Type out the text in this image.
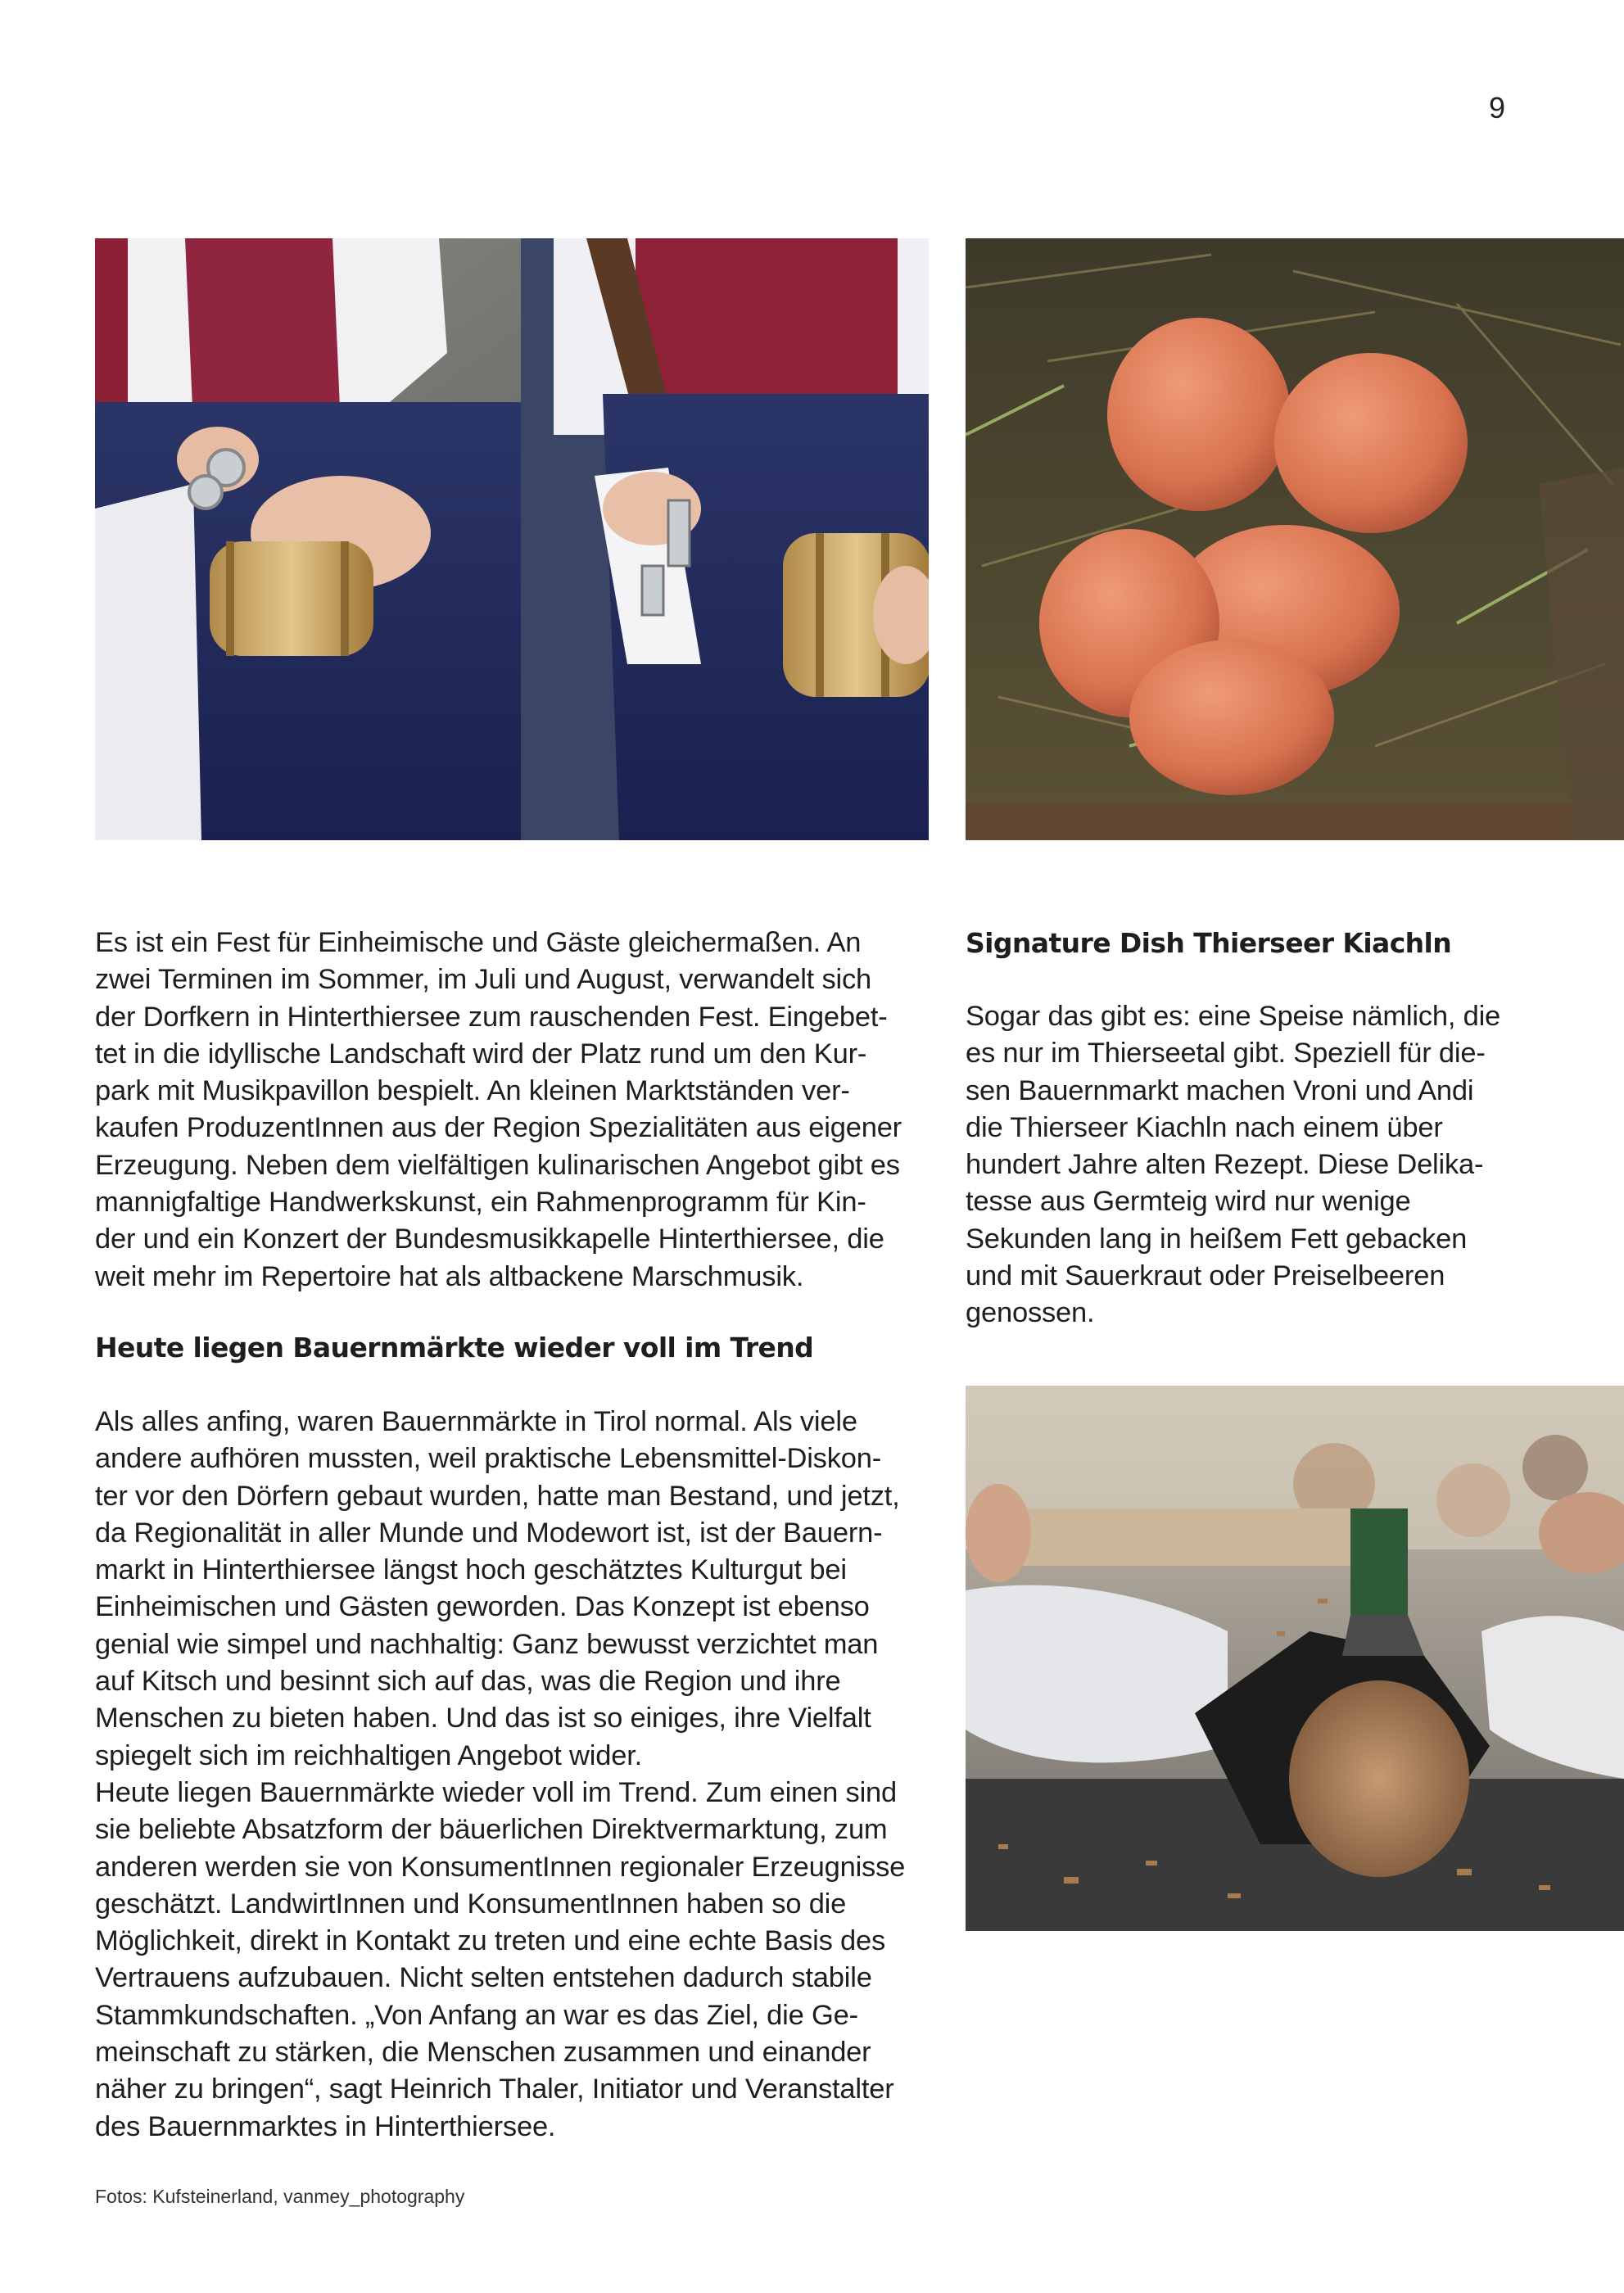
9
Es ist ein Fest für Einheimische und Gäste gleichermaßen. An
zwei Terminen im Sommer, im Juli und August, verwandelt sich
der Dorfkern in Hinterthiersee zum rauschenden Fest. Eingebet-
tet in die idyllische Landschaft wird der Platz rund um den Kur-
park mit Musikpavillon bespielt. An kleinen Marktständen ver-
kaufen ProduzentInnen aus der Region Spezialitäten aus eigener
Erzeugung. Neben dem vielfältigen kulinarischen Angebot gibt es
mannigfaltige Handwerkskunst, ein Rahmenprogramm für Kin-
der und ein Konzert der Bundesmusikkapelle Hinterthiersee, die
weit mehr im Repertoire hat als altbackene Marschmusik.
Heute liegen Bauernmärkte wieder voll im Trend
Als alles anfing, waren Bauernmärkte in Tirol normal. Als viele
andere aufhören mussten, weil praktische Lebensmittel-Diskon-
ter vor den Dörfern gebaut wurden, hatte man Bestand, und jetzt,
da Regionalität in aller Munde und Modewort ist, ist der Bauern-
markt in Hinterthiersee längst hoch geschätztes Kulturgut bei
Einheimischen und Gästen geworden. Das Konzept ist ebenso
genial wie simpel und nachhaltig: Ganz bewusst verzichtet man
auf Kitsch und besinnt sich auf das, was die Region und ihre
Menschen zu bieten haben. Und das ist so einiges, ihre Vielfalt
spiegelt sich im reichhaltigen Angebot wider.
Heute liegen Bauernmärkte wieder voll im Trend. Zum einen sind
sie beliebte Absatzform der bäuerlichen Direktvermarktung, zum
anderen werden sie von KonsumentInnen regionaler Erzeugnisse
geschätzt. LandwirtInnen und KonsumentInnen haben so die
Möglichkeit, direkt in Kontakt zu treten und eine echte Basis des
Vertrauens aufzubauen. Nicht selten entstehen dadurch stabile
Stammkundschaften. „Von Anfang an war es das Ziel, die Ge-
meinschaft zu stärken, die Menschen zusammen und einander
näher zu bringen“, sagt Heinrich Thaler, Initiator und Veranstalter
des Bauernmarktes in Hinterthiersee.
Signature Dish Thierseer Kiachln
Sogar das gibt es: eine Speise nämlich, die
es nur im Thierseetal gibt. Speziell für die-
sen Bauernmarkt machen Vroni und Andi
die Thierseer Kiachln nach einem über
hundert Jahre alten Rezept. Diese Delika-
tesse aus Germteig wird nur wenige
Sekunden lang in heißem Fett gebacken
und mit Sauerkraut oder Preiselbeeren
genossen.
Fotos: Kufsteinerland, vanmey_photography
